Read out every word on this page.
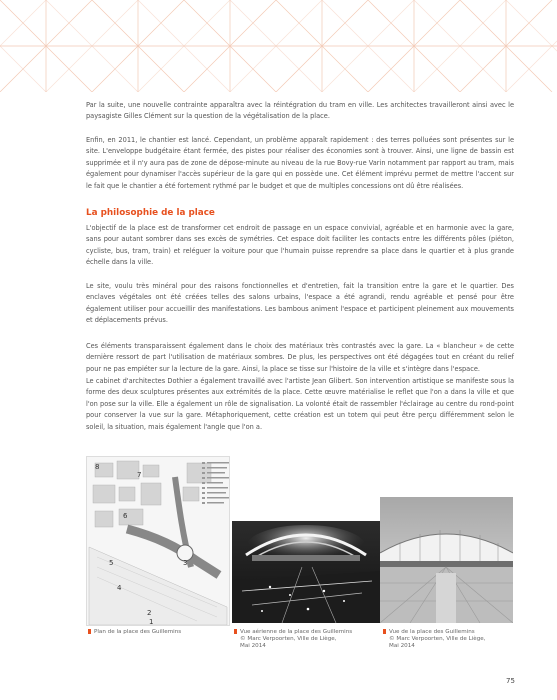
Par la suite, une nouvelle contrainte apparaîtra avec la réintégration du tram en ville. Les architectes travailleront ainsi avec le paysagiste Gilles Clément sur la question de la végétalisation de la place.

Enfin, en 2011, le chantier est lancé. Cependant, un problème apparaît rapidement : des terres polluées sont présentes sur le site. L'enveloppe budgétaire étant fermée, des pistes pour réaliser des économies sont à trouver. Ainsi, une ligne de bassin est supprimée et il n'y aura pas de zone de dépose-minute au niveau de la rue Bovy-rue Varin notamment par rapport au tram, mais également pour dynamiser l'accès supérieur de la gare qui en possède une. Cet élément imprévu permet de mettre l'accent sur le fait que le chantier a été fortement rythmé par le budget et que de multiples concessions ont dû être réalisées.

La philosophie de la place

L'objectif de la place est de transformer cet endroit de passage en un espace convivial, agréable et en harmonie avec la gare, sans pour autant sombrer dans ses excès de symétries. Cet espace doit faciliter les contacts entre les différents pôles (piéton, cycliste, bus, tram, train) et reléguer la voiture pour que l'humain puisse reprendre sa place dans le quartier et à plus grande échelle dans la ville.

Le site, voulu très minéral pour des raisons fonctionnelles et d'entretien, fait la transition entre la gare et le quartier. Des enclaves végétales ont été créées telles des salons urbains, l'espace a été agrandi, rendu agréable et pensé pour être également utiliser pour accueillir des manifestations. Les bambous animent l'espace et participent pleinement aux mouvements et déplacements prévus.

Ces éléments transparaissent également dans le choix des matériaux très contrastés avec la gare. La « blancheur » de cette dernière ressort de part l'utilisation de matériaux sombres. De plus, les perspectives ont été dégagées tout en créant du relief pour ne pas empiéter sur la lecture de la gare. Ainsi, la place se tisse sur l'histoire de la ville et s'intègre dans l'espace.

Le cabinet d'architectes Dothier a également travaillé avec l'artiste Jean Glibert. Son intervention artistique se manifeste sous la forme des deux sculptures présentes aux extrémités de la place. Cette œuvre matérialise le reflet que l'on a dans la ville et que l'on pose sur la ville. Elle a également un rôle de signalisation. La volonté était de rassembler l'éclairage au centre du rond-point pour conserver la vue sur la gare. Métaphoriquement, cette création est un totem qui peut être perçu différemment selon le soleil, la situation, mais également l'angle que l'on a.

8
7
6
5
4
3
2
1
Plan de la place des Guillemins	Vue aérienne de la place des Guillemins
© Marc Verpoorten, Ville de Liège,
Mai 2014
Vue de la place des Guillemins
© Marc Verpoorten, Ville de Liège,
Mai 2014
75
